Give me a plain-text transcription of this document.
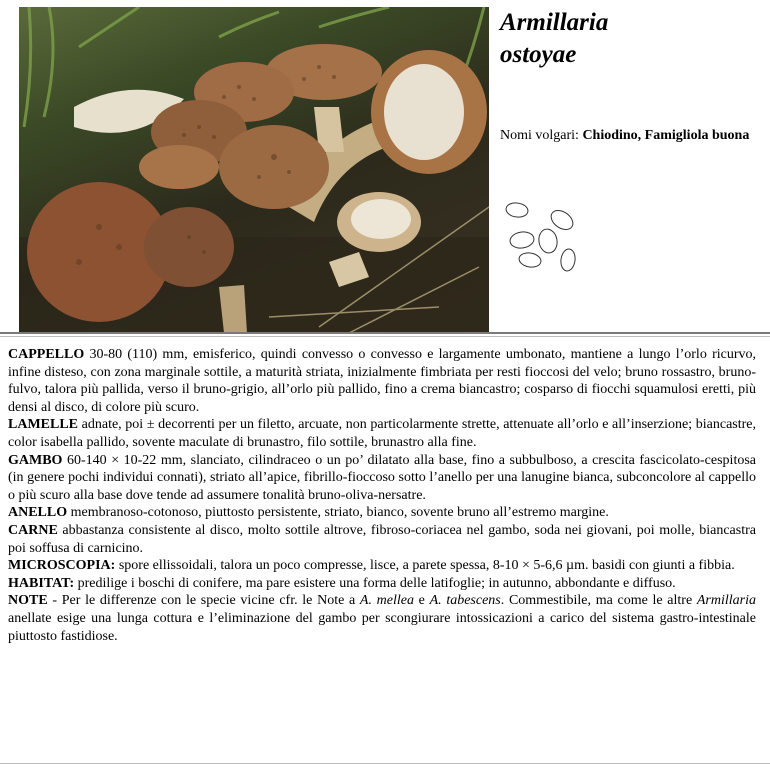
Armillaria
ostoyae
Nomi volgari: Chiodino, Famigliola buona

CAPPELLO 30-80 (110) mm, emisferico, quindi convesso o convesso e largamente umbonato, mantiene a lungo l’orlo ricurvo, infine disteso, con zona marginale sottile, a maturità striata, inizialmente fimbriata per resti fioccosi del velo; bruno rossastro, bruno-fulvo, talora più pallida, verso il bruno-grigio, all’orlo più pallido, fino a crema biancastro; cosparso di fiocchi squamulosi eretti, più densi al disco, di colore più scuro.

LAMELLE adnate, poi ± decorrenti per un filetto, arcuate, non particolarmente strette, attenuate all’orlo e all’inserzione; biancastre, color isabella pallido, sovente maculate di brunastro, filo sottile, brunastro alla fine.

GAMBO 60-140 × 10-22 mm, slanciato, cilindraceo o un po’ dilatato alla base, fino a subbulboso, a crescita fascicolato-cespitosa (in genere pochi individui connati), striato all’apice, fibrillo-fioccoso sotto l’anello per una lanugine bianca, subconcolore al cappello o più scuro alla base dove tende ad assumere tonalità bruno-oliva-nersatre.

ANELLO membranoso-cotonoso, piuttosto persistente, striato, bianco, sovente bruno all’estremo margine.

CARNE abbastanza consistente al disco, molto sottile altrove, fibroso-coriacea nel gambo, soda nei giovani, poi molle, biancastra poi soffusa di carnicino.

MICROSCOPIA: spore ellissoidali, talora un poco compresse, lisce, a parete spessa, 8-10 × 5-6,6 µm. basidi con giunti a fibbia.

HABITAT: predilige i boschi di conifere, ma pare esistere una forma delle latifoglie; in autunno, abbondante e diffuso.

NOTE - Per le differenze con le specie vicine cfr. le Note a A. mellea e A. tabescens. Commestibile, ma come le altre Armillaria anellate esige una lunga cottura e l’eliminazione del gambo per scongiurare intossicazioni a carico del sistema gastro-intestinale piuttosto fastidiose.
